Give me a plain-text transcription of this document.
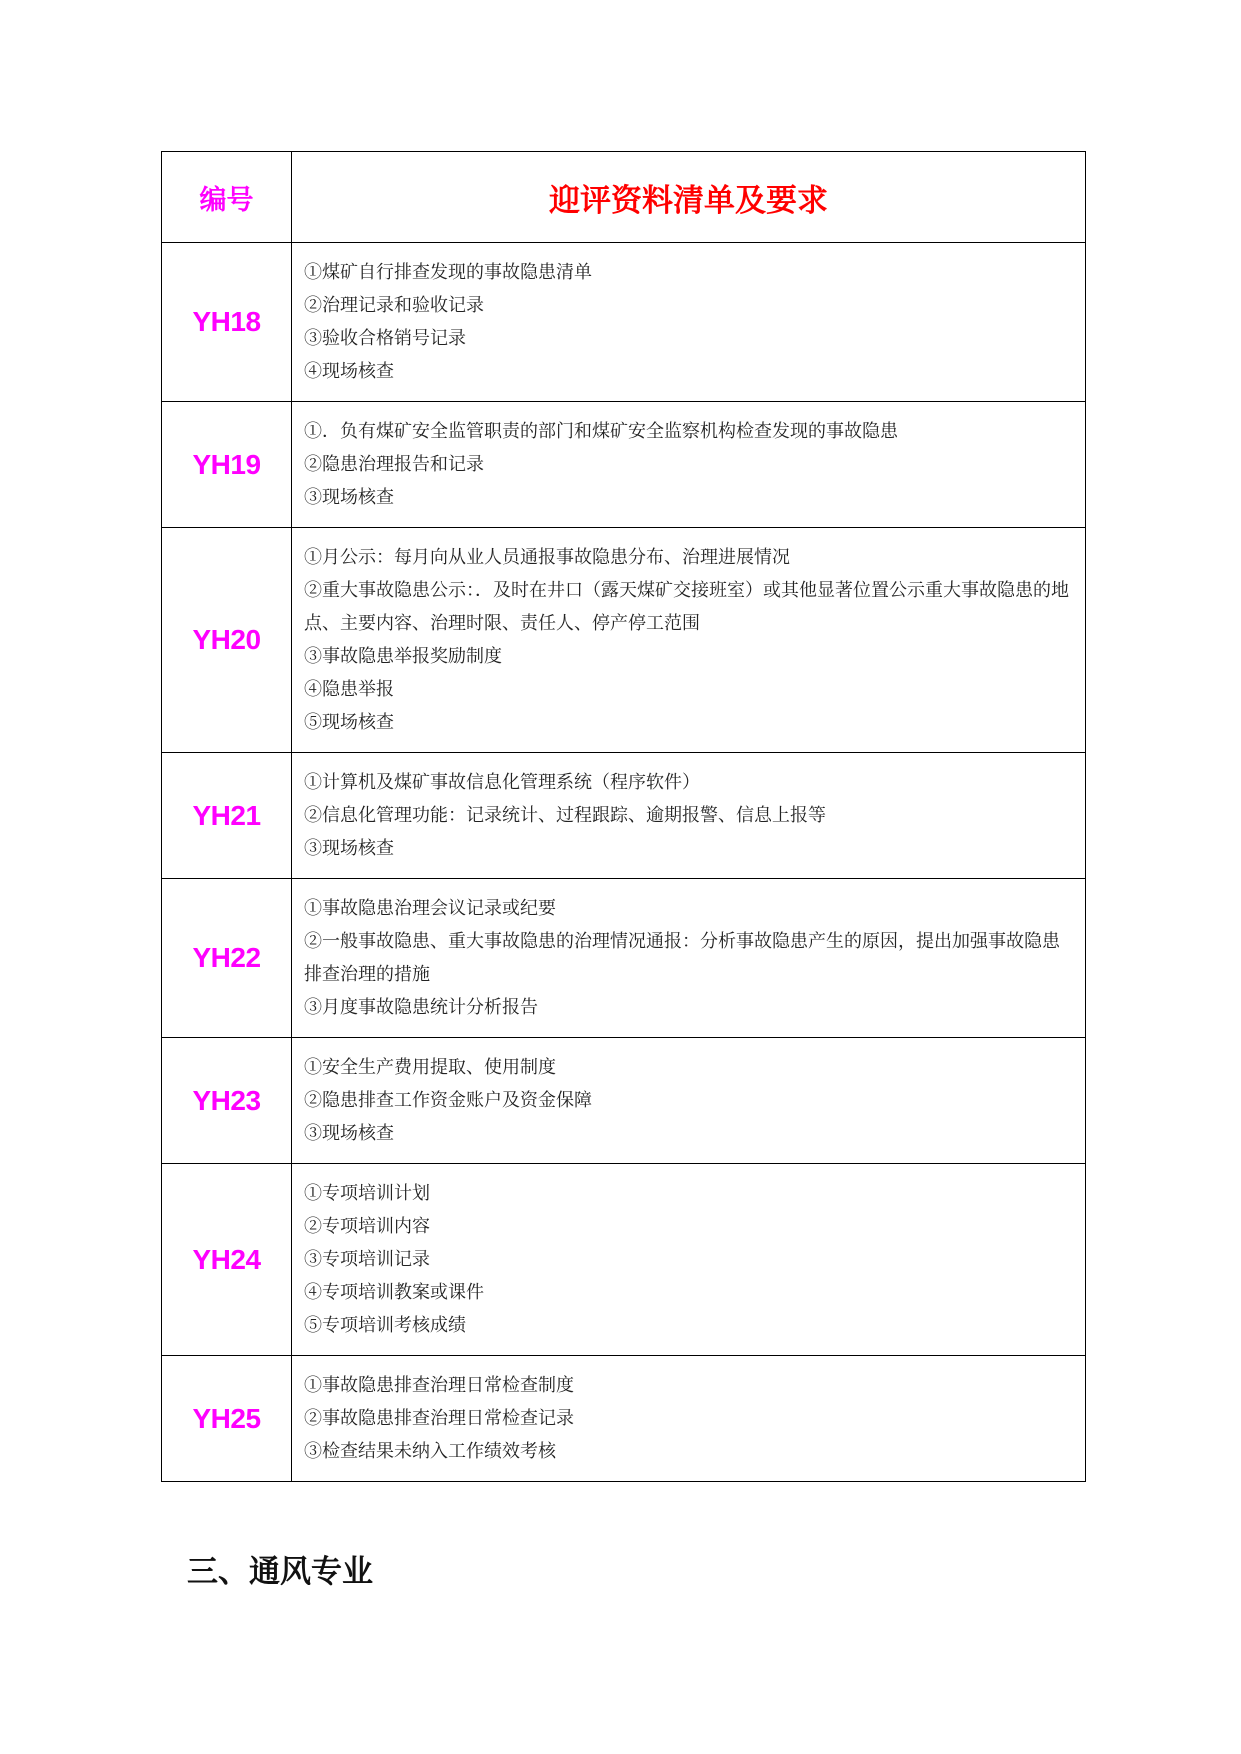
编号	迎评资料清单及要求
YH18	①煤矿自行排查发现的事故隐患清单
②治理记录和验收记录
③验收合格销号记录
④现场核查

YH19	①．负有煤矿安全监管职责的部门和煤矿安全监察机构检查发现的事故隐患
②隐患治理报告和记录
③现场核查

YH20	①月公示：每月向从业人员通报事故隐患分布、治理进展情况
②重大事故隐患公示：．及时在井口（露天煤矿交接班室）或其他显著位置公示重大事故隐患的地点、主要内容、治理时限、责任人、停产停工范围
③事故隐患举报奖励制度
④隐患举报
⑤现场核查

YH21	①计算机及煤矿事故信息化管理系统（程序软件）
②信息化管理功能：记录统计、过程跟踪、逾期报警、信息上报等
③现场核查

YH22	①事故隐患治理会议记录或纪要
②一般事故隐患、重大事故隐患的治理情况通报：分析事故隐患产生的原因，提出加强事故隐患排查治理的措施
③月度事故隐患统计分析报告

YH23	①安全生产费用提取、使用制度
②隐患排查工作资金账户及资金保障
③现场核查

YH24	①专项培训计划
②专项培训内容
③专项培训记录
④专项培训教案或课件
⑤专项培训考核成绩

YH25	①事故隐患排查治理日常检查制度
②事故隐患排查治理日常检查记录
③检查结果未纳入工作绩效考核
三、通风专业
